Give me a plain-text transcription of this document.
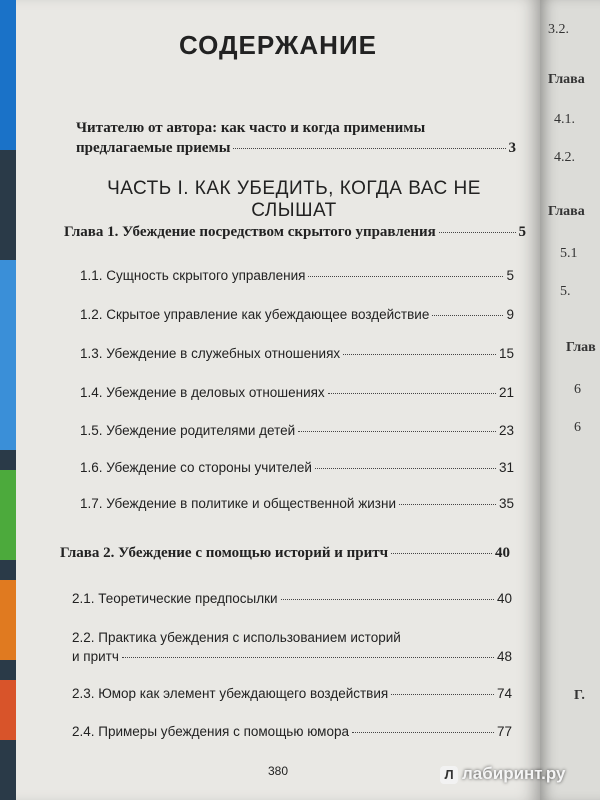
СОДЕРЖАНИЕ
Читателю от автора: как часто и когда применимы
предлагаемые приемы	3
ЧАСТЬ I. КАК УБЕДИТЬ, КОГДА ВАС НЕ СЛЫШАТ
Глава 1. Убеждение посредством скрытого управления	5
1.1. Сущность скрытого управления	5
1.2. Скрытое управление как убеждающее воздействие	9
1.3. Убеждение в служебных отношениях	15
1.4. Убеждение в деловых отношениях	21
1.5. Убеждение родителями детей	23
1.6. Убеждение со стороны учителей	31
1.7. Убеждение в политике и общественной жизни	35
Глава 2. Убеждение с помощью историй и притч	40
2.1. Теоретические предпосылки	40
2.2. Практика убеждения с использованием историй
и притч	48
2.3. Юмор как элемент убеждающего воздействия	74
2.4. Примеры убеждения с помощью юмора	77
380
3.2.
Глава
4.1.
4.2.
Глава
5.1
5.
Глав
6
6
Г.
Л лабиринт.ру
